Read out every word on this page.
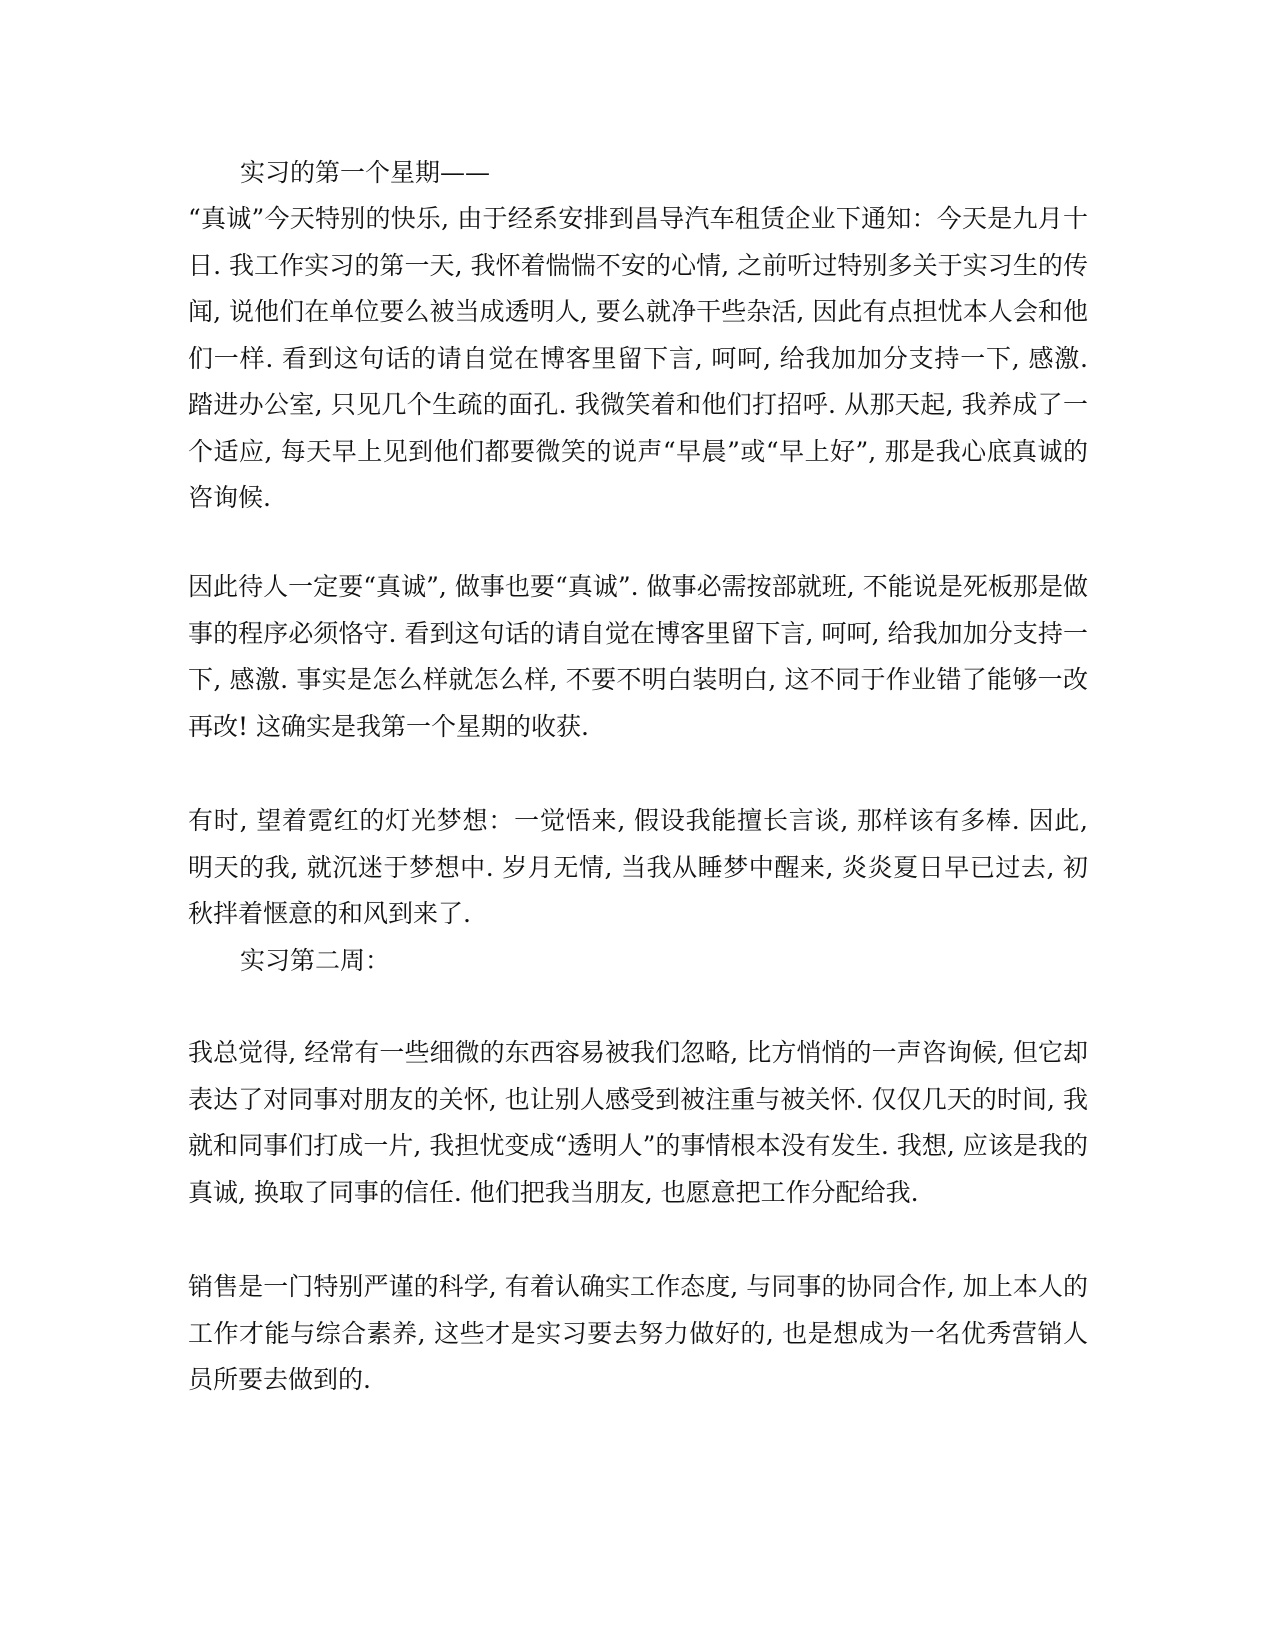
实习的第一个星期——
“真诚”今天特别的快乐, 由于经系安排到昌导汽车租赁企业下通知：今天是九月十日. 我工作实习的第一天, 我怀着惴惴不安的心情, 之前听过特别多关于实习生的传闻, 说他们在单位要么被当成透明人, 要么就净干些杂活, 因此有点担忧本人会和他们一样. 看到这句话的请自觉在博客里留下言, 呵呵, 给我加加分支持一下, 感激. 踏进办公室, 只见几个生疏的面孔. 我微笑着和他们打招呼. 从那天起, 我养成了一个适应, 每天早上见到他们都要微笑的说声“早晨”或“早上好”, 那是我心底真诚的咨询候.
因此待人一定要“真诚”, 做事也要“真诚”. 做事必需按部就班, 不能说是死板那是做事的程序必须恪守. 看到这句话的请自觉在博客里留下言, 呵呵, 给我加加分支持一下, 感激. 事实是怎么样就怎么样, 不要不明白装明白, 这不同于作业错了能够一改再改! 这确实是我第一个星期的收获.
有时, 望着霓红的灯光梦想：一觉悟来, 假设我能擅长言谈, 那样该有多棒. 因此, 明天的我, 就沉迷于梦想中. 岁月无情, 当我从睡梦中醒来, 炎炎夏日早已过去, 初秋拌着惬意的和风到来了.
实习第二周：
我总觉得, 经常有一些细微的东西容易被我们忽略, 比方悄悄的一声咨询候, 但它却表达了对同事对朋友的关怀, 也让别人感受到被注重与被关怀. 仅仅几天的时间, 我就和同事们打成一片, 我担忧变成“透明人”的事情根本没有发生. 我想, 应该是我的真诚, 换取了同事的信任. 他们把我当朋友, 也愿意把工作分配给我.
销售是一门特别严谨的科学, 有着认确实工作态度, 与同事的协同合作, 加上本人的工作才能与综合素养, 这些才是实习要去努力做好的, 也是想成为一名优秀营销人员所要去做到的.
